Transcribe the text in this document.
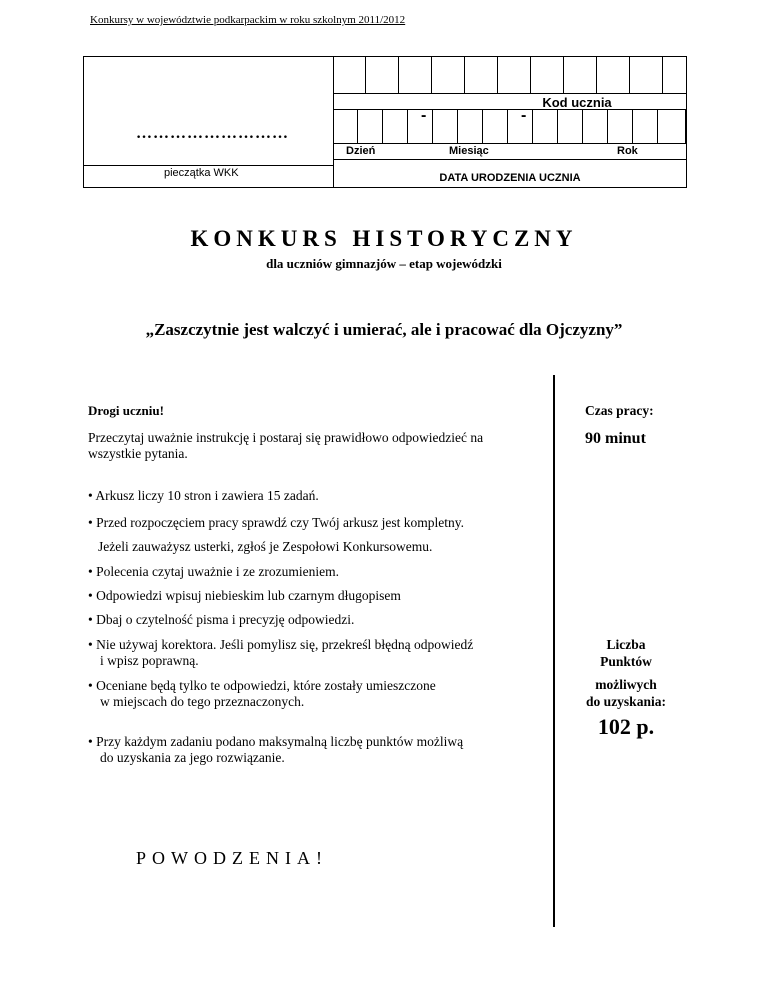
Konkursy w województwie podkarpackim w roku szkolnym 2011/2012
………………………
pieczątka WKK
Kod ucznia
-	-
Dzień	Miesiąc	Rok
DATA URODZENIA UCZNIA
KONKURS HISTORYCZNY
dla uczniów gimnazjów – etap wojewódzki
„Zaszczytnie jest walczyć i umierać, ale i pracować dla Ojczyzny”
Drogi uczniu!
Przeczytaj uważnie instrukcję i postaraj się prawidłowo odpowiedzieć na wszystkie pytania.
• Arkusz liczy 10 stron i zawiera 15 zadań.
• Przed rozpoczęciem pracy sprawdź czy Twój arkusz jest kompletny.
Jeżeli zauważysz usterki, zgłoś je Zespołowi Konkursowemu.
• Polecenia czytaj uważnie i ze zrozumieniem.
• Odpowiedzi wpisuj niebieskim lub czarnym długopisem
• Dbaj o czytelność pisma i precyzję odpowiedzi.
• Nie używaj korektora. Jeśli pomylisz się, przekreśl błędną odpowiedź
i wpisz poprawną.
• Oceniane będą tylko te odpowiedzi, które zostały umieszczone
w miejscach do tego przeznaczonych.
• Przy każdym zadaniu podano maksymalną liczbę punktów możliwą
do uzyskania za jego rozwiązanie.
POWODZENIA!
Czas pracy:
90 minut
Liczba
Punktów
możliwych
do uzyskania:
102 p.
